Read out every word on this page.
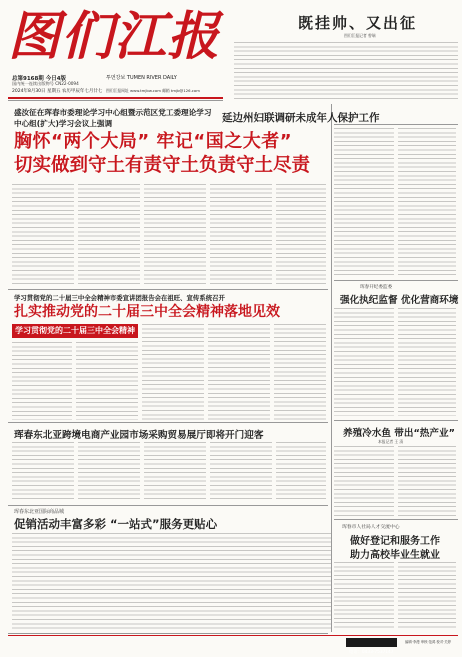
图们江报
总第9168期 今日4版
国内统一连续出版物号 CN22-0094
2024年8月30日 星期五 农历甲辰年七月廿七
투먼강보 TUMEN RIVER DAILY
图们江报网址 www.tmjbw.com 邮箱 tmjb@126.com
既挂帅、又出征
图们江报记者 曾瑞
盛汝征在珲春市委理论学习中心组暨示范区党工委理论学习
中心组(扩大)学习会议上强调
胸怀“两个大局” 牢记“国之大者”
切实做到守土有责守土负责守土尽责
学习贯彻党的二十届三中全会精神市委宣讲团报告会在祖旺、宣传系统召开
扎实推动党的二十届三中全会精神落地见效
学习贯彻党的二十届三中全会精神
珲春东北亚跨境电商产业园市场采购贸易展厅即将开门迎客
珲春东北亚国际商品城
促销活动丰富多彩 “一站式”服务更贴心
延边州妇联调研未成年人保护工作
珲春开纪委监委
强化执纪监督 优化营商环境
养殖冷水鱼 带出“热产业”
本报记者 王 清
珲春市人社局人才交流中心
做好登记和服务工作
助力高校毕业生就业
电话：0433-7537147
编辑·李漫 审核·范鸿 校对·关婷
